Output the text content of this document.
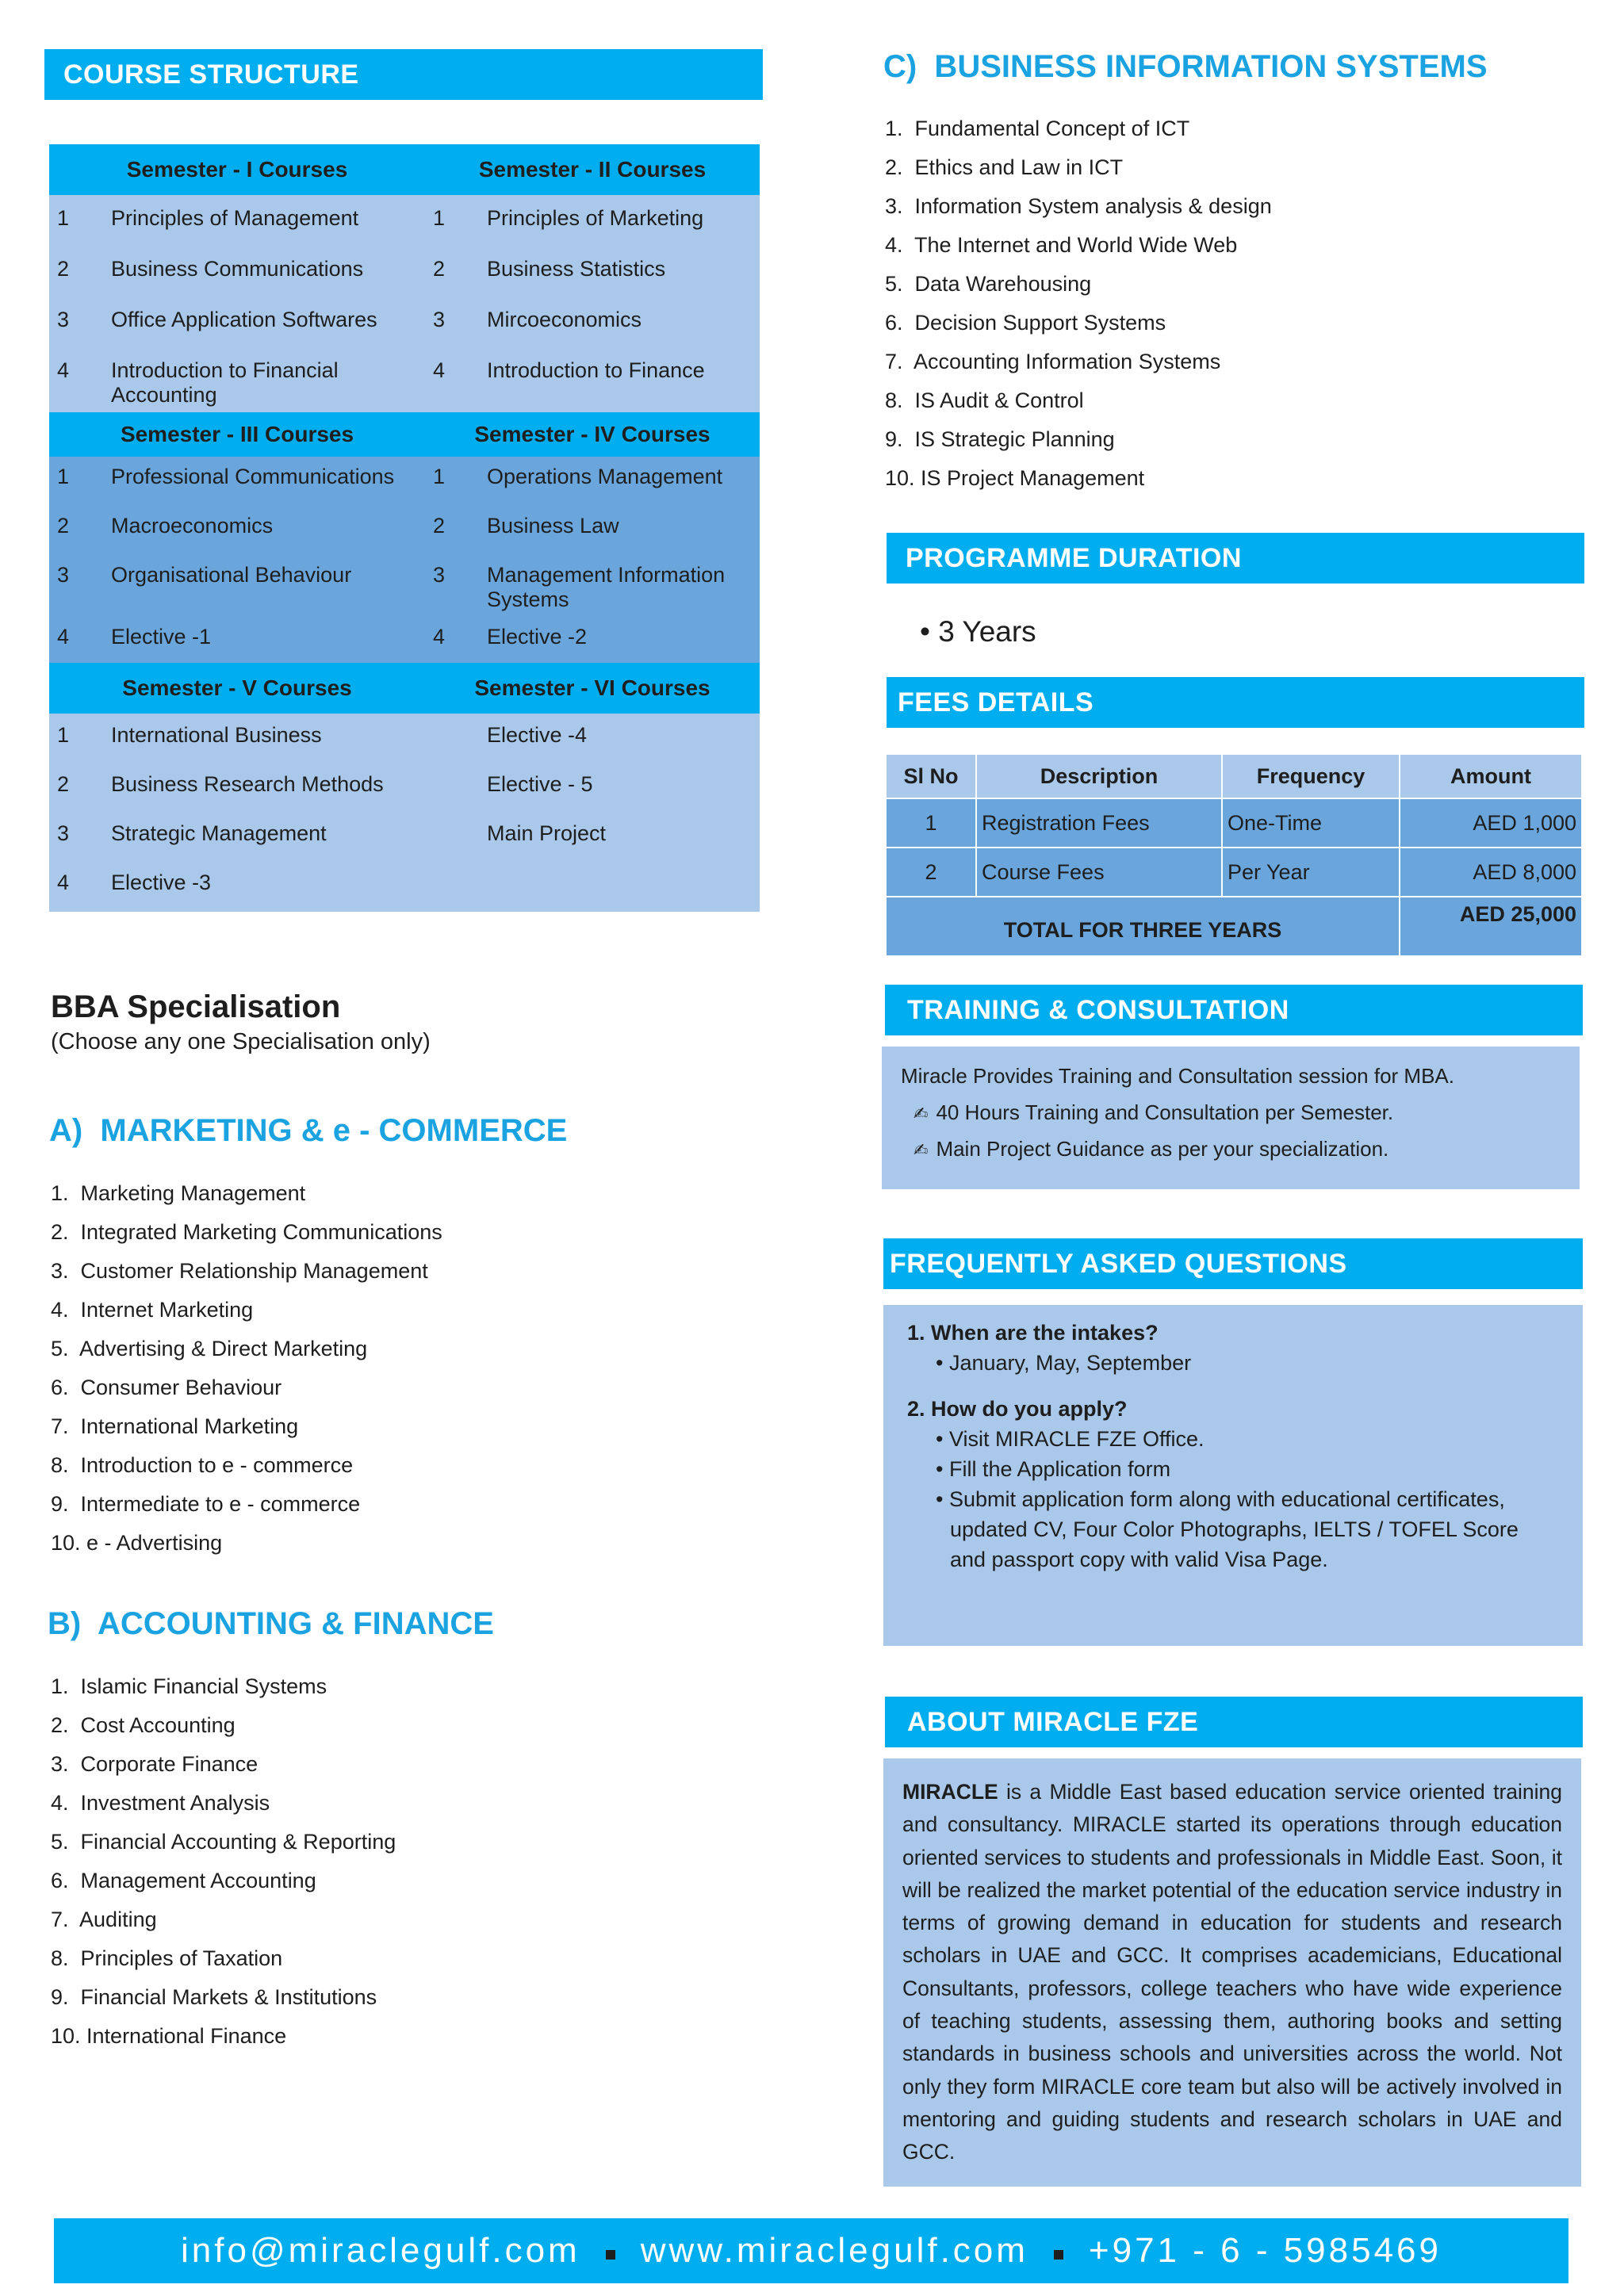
COURSE STRUCTURE
Semester - I Courses		Semester - II Courses	
1	Principles of Management	1	Principles of Marketing
2	Business Communications	2	Business Statistics
3	Office Application Softwares	3	Mircoeconomics
4	Introduction to Financial Accounting	4	Introduction to Finance
Semester - III Courses		Semester - IV Courses	
1	Professional Communications	1	Operations Management
2	Macroeconomics	2	Business Law
3	Organisational Behaviour	3	Management Information Systems
4	Elective -1	4	Elective -2
Semester - V Courses		Semester - VI Courses	
1	International Business		Elective -4
2	Business Research Methods		Elective - 5
3	Strategic Management		Main Project
4	Elective -3		
BBA Specialisation
(Choose any one Specialisation only)
A)  MARKETING & e - COMMERCE
1.  Marketing Management
2.  Integrated Marketing Communications
3.  Customer Relationship Management
4.  Internet Marketing
5.  Advertising & Direct Marketing
6.  Consumer Behaviour
7.  International Marketing
8.  Introduction to e - commerce
9.  Intermediate to e - commerce
10. e - Advertising
B)  ACCOUNTING & FINANCE
1.  Islamic Financial Systems
2.  Cost Accounting
3.  Corporate Finance
4.  Investment Analysis
5.  Financial Accounting & Reporting
6.  Management Accounting
7.  Auditing
8.  Principles of Taxation
9.  Financial Markets & Institutions
10. International Finance
C)  BUSINESS INFORMATION SYSTEMS
1.  Fundamental Concept of ICT
2.  Ethics and Law in ICT
3.  Information System analysis & design
4.  The Internet and World Wide Web
5.  Data Warehousing
6.  Decision Support Systems
7.  Accounting Information Systems
8.  IS Audit & Control
9.  IS Strategic Planning
10. IS Project Management
PROGRAMME DURATION
• 3 Years
FEES DETAILS
Sl No	Description	Frequency	Amount
1	Registration Fees	One-Time	AED 1,000
2	Course Fees	Per Year	AED 8,000
TOTAL FOR THREE YEARS			AED 25,000
TRAINING & CONSULTATION
Miracle Provides Training and Consultation session for MBA.
✍ 40 Hours Training and Consultation per Semester.
✍ Main Project Guidance as per your specialization.
FREQUENTLY ASKED QUESTIONS
1. When are the intakes?
• January, May, September
2. How do you apply?
• Visit MIRACLE FZE Office.
• Fill the Application form
• Submit application form along with educational certificates,
updated CV, Four Color Photographs, IELTS / TOFEL Score
and passport copy with valid Visa Page.
ABOUT MIRACLE FZE
MIRACLE is a Middle East based education service oriented training and consultancy. MIRACLE started its operations through education oriented services to students and professionals in Middle East. Soon, it will be realized the market potential of the education service industry in terms of growing demand in education for students and research scholars in UAE and GCC. It comprises academicians, Educational Consultants, professors, college teachers who have wide experience of teaching students, assessing them, authoring books and setting standards in business schools and universities across the world. Not only they form MIRACLE core team but also will be actively involved in mentoring and guiding students and research scholars in UAE and GCC.
info@miraclegulf.com www.miraclegulf.com +971 - 6 - 5985469
